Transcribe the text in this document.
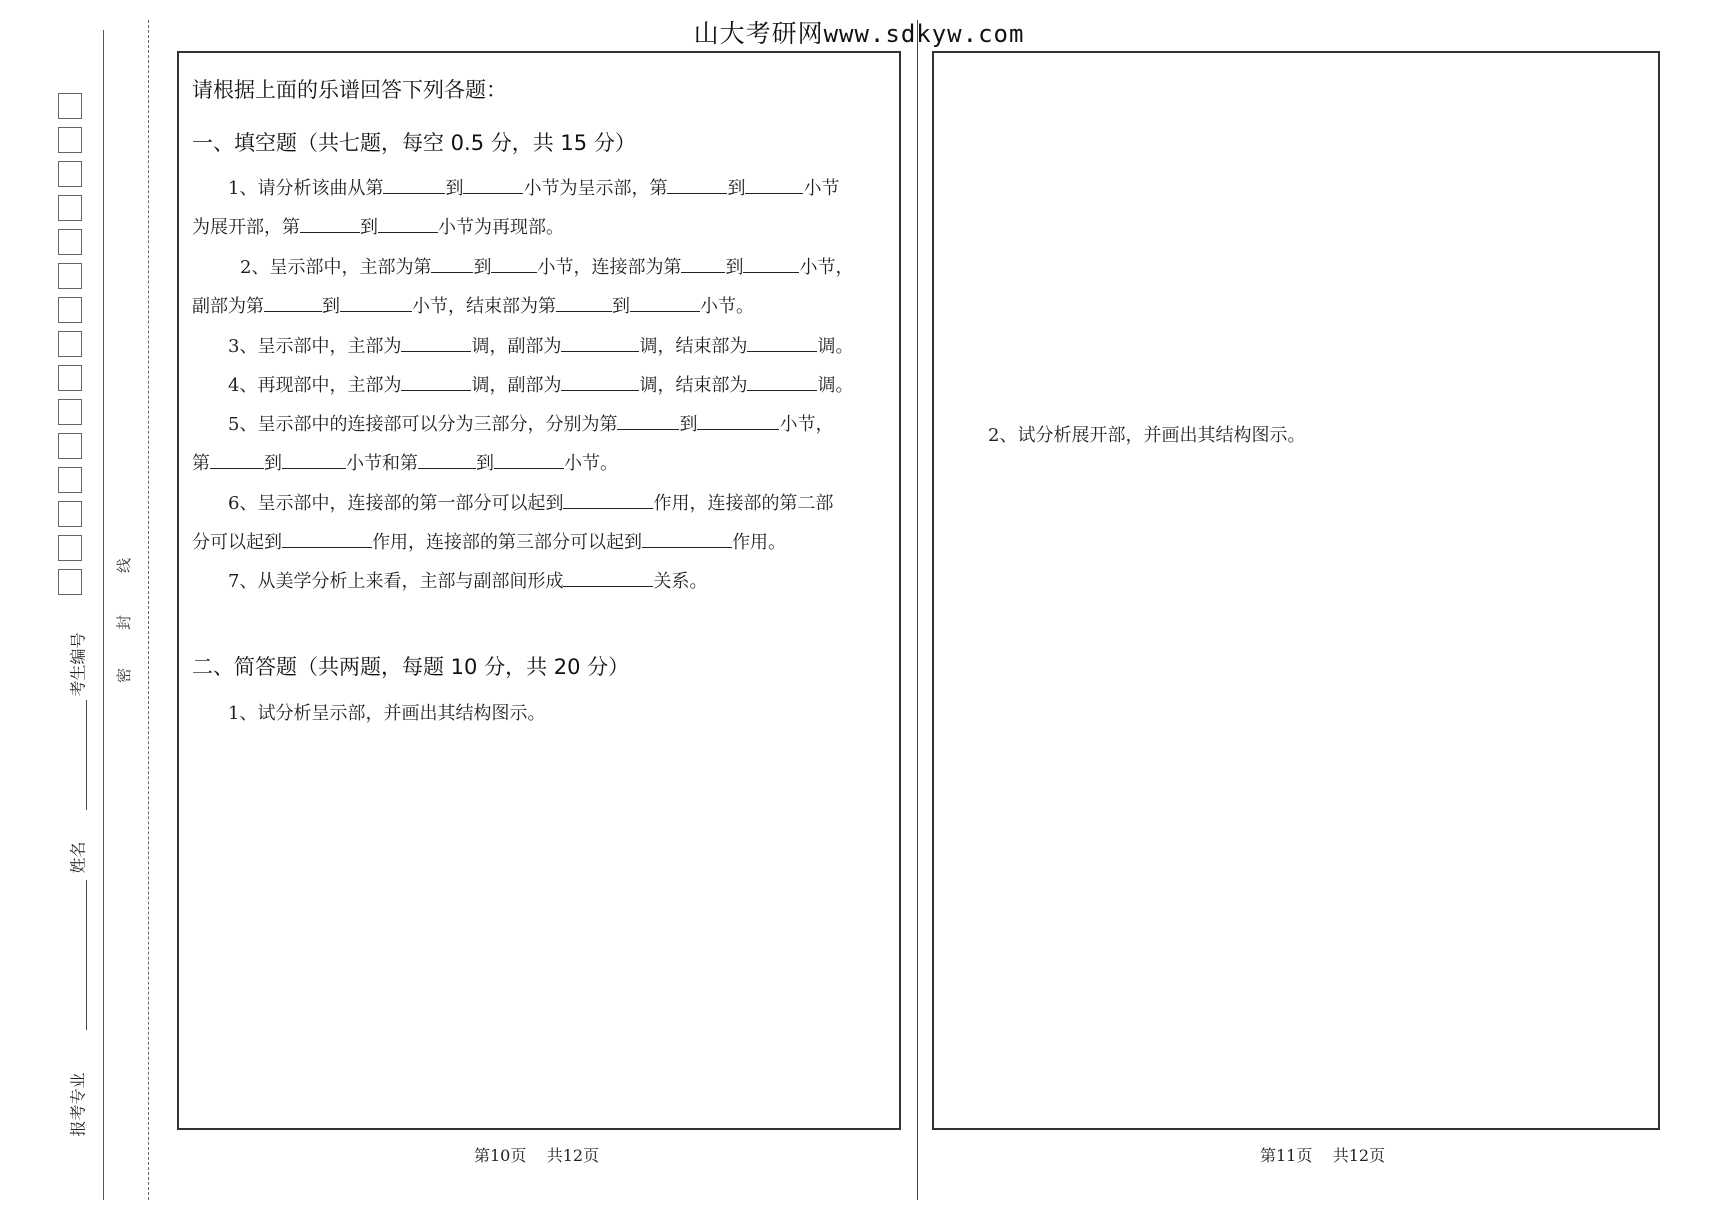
山大考研网www.sdkyw.com
考生编号
姓名
报考专业
线
封
密
请根据上面的乐谱回答下列各题：
一、填空题（共七题，每空 0.5 分，共 15 分）
1、请分析该曲从第	到	小节为呈示部，第	到	小节
为展开部，第	到	小节为再现部。
2、呈示部中，主部为第 到	小节，连接部为第 到	小节，
副部为第	到	小节，结束部为第	到	小节。
3、呈示部中，主部为	调，副部为	调，结束部为	调。
4、再现部中，主部为	调，副部为	调，结束部为	调。
5、呈示部中的连接部可以分为三部分，分别为第	到	小节，
第	到	小节和第	到	小节。
6、呈示部中，连接部的第一部分可以起到	作用，连接部的第二部
分可以起到	作用，连接部的第三部分可以起到	作用。
7、从美学分析上来看，主部与副部间形成	关系。
二、简答题（共两题，每题 10 分，共 20 分）
1、试分析呈示部，并画出其结构图示。
第10页 共12页
2、试分析展开部，并画出其结构图示。
第11页 共12页
